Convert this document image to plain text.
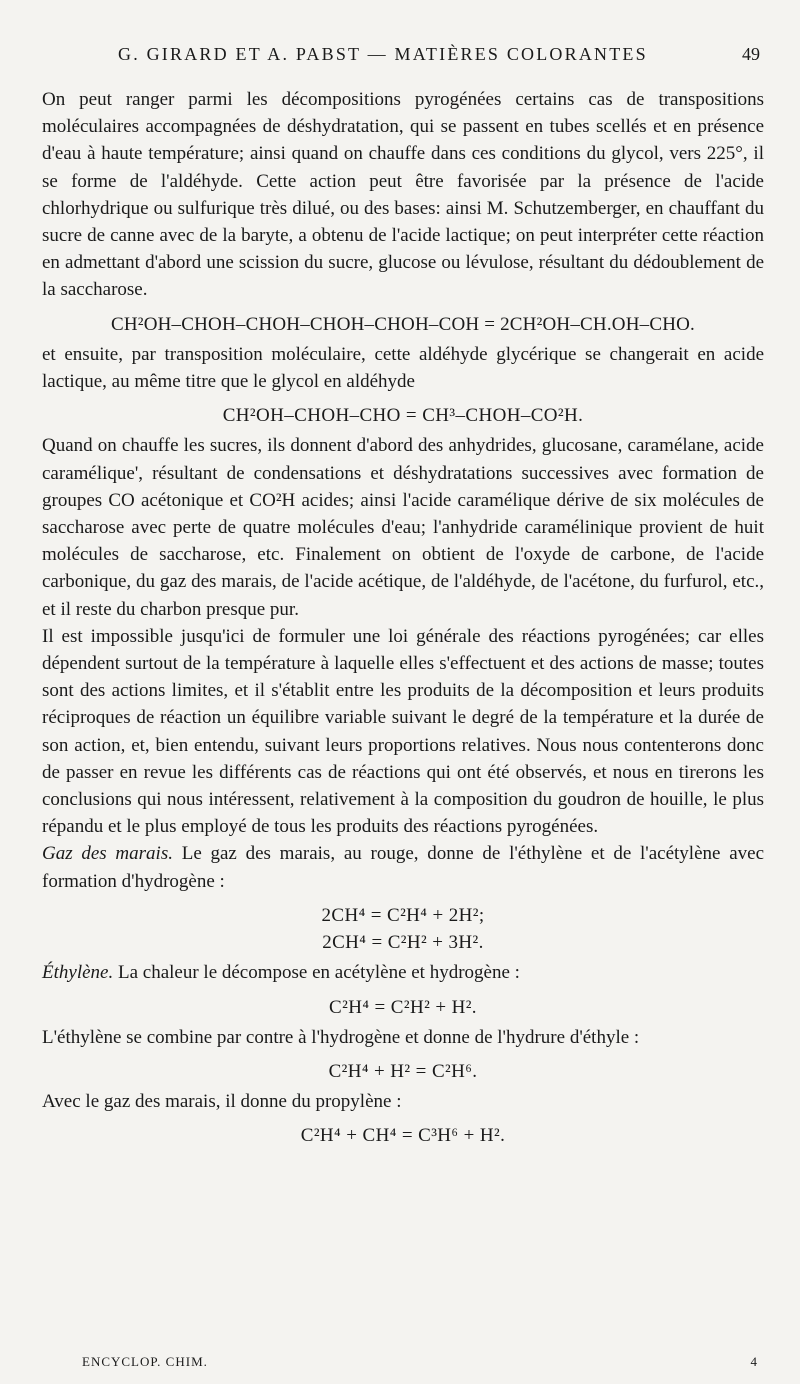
G. GIRARD ET A. PABST — MATIÈRES COLORANTES	49

On peut ranger parmi les décompositions pyrogénées certains cas de transpositions moléculaires accompagnées de déshydratation, qui se passent en tubes scellés et en présence d'eau à haute température; ainsi quand on chauffe dans ces conditions du glycol, vers 225°, il se forme de l'aldéhyde. Cette action peut être favorisée par la présence de l'acide chlorhydrique ou sulfurique très dilué, ou des bases: ainsi M. Schutzemberger, en chauffant du sucre de canne avec de la baryte, a obtenu de l'acide lactique; on peut interpréter cette réaction en admettant d'abord une scission du sucre, glucose ou lévulose, résultant du dédoublement de la saccharose.

CH²OH–CHOH–CHOH–CHOH–CHOH–COH = 2CH²OH–CH.OH–CHO.

et ensuite, par transposition moléculaire, cette aldéhyde glycérique se changerait en acide lactique, au même titre que le glycol en aldéhyde

CH²OH–CHOH–CHO = CH³–CHOH–CO²H.

Quand on chauffe les sucres, ils donnent d'abord des anhydrides, glucosane, caramélane, acide caramélique', résultant de condensations et déshydratations successives avec formation de groupes CO acétonique et CO²H acides; ainsi l'acide caramélique dérive de six molécules de saccharose avec perte de quatre molécules d'eau; l'anhydride caramélinique provient de huit molécules de saccharose, etc. Finalement on obtient de l'oxyde de carbone, de l'acide carbonique, du gaz des marais, de l'acide acétique, de l'aldéhyde, de l'acétone, du furfurol, etc., et il reste du charbon presque pur.

Il est impossible jusqu'ici de formuler une loi générale des réactions pyrogénées; car elles dépendent surtout de la température à laquelle elles s'effectuent et des actions de masse; toutes sont des actions limites, et il s'établit entre les produits de la décomposition et leurs produits réciproques de réaction un équilibre variable suivant le degré de la température et la durée de son action, et, bien entendu, suivant leurs proportions relatives. Nous nous contenterons donc de passer en revue les différents cas de réactions qui ont été observés, et nous en tirerons les conclusions qui nous intéressent, relativement à la composition du goudron de houille, le plus répandu et le plus employé de tous les produits des réactions pyrogénées.

Gaz des marais. Le gaz des marais, au rouge, donne de l'éthylène et de l'acétylène avec formation d'hydrogène :

2CH⁴ = C²H⁴ + 2H²;
2CH⁴ = C²H² + 3H².

Éthylène. La chaleur le décompose en acétylène et hydrogène :

C²H⁴ = C²H² + H².

L'éthylène se combine par contre à l'hydrogène et donne de l'hydrure d'éthyle :

C²H⁴ + H² = C²H⁶.

Avec le gaz des marais, il donne du propylène :

C²H⁴ + CH⁴ = C³H⁶ + H².
ENCYCLOP. CHIM.	4
